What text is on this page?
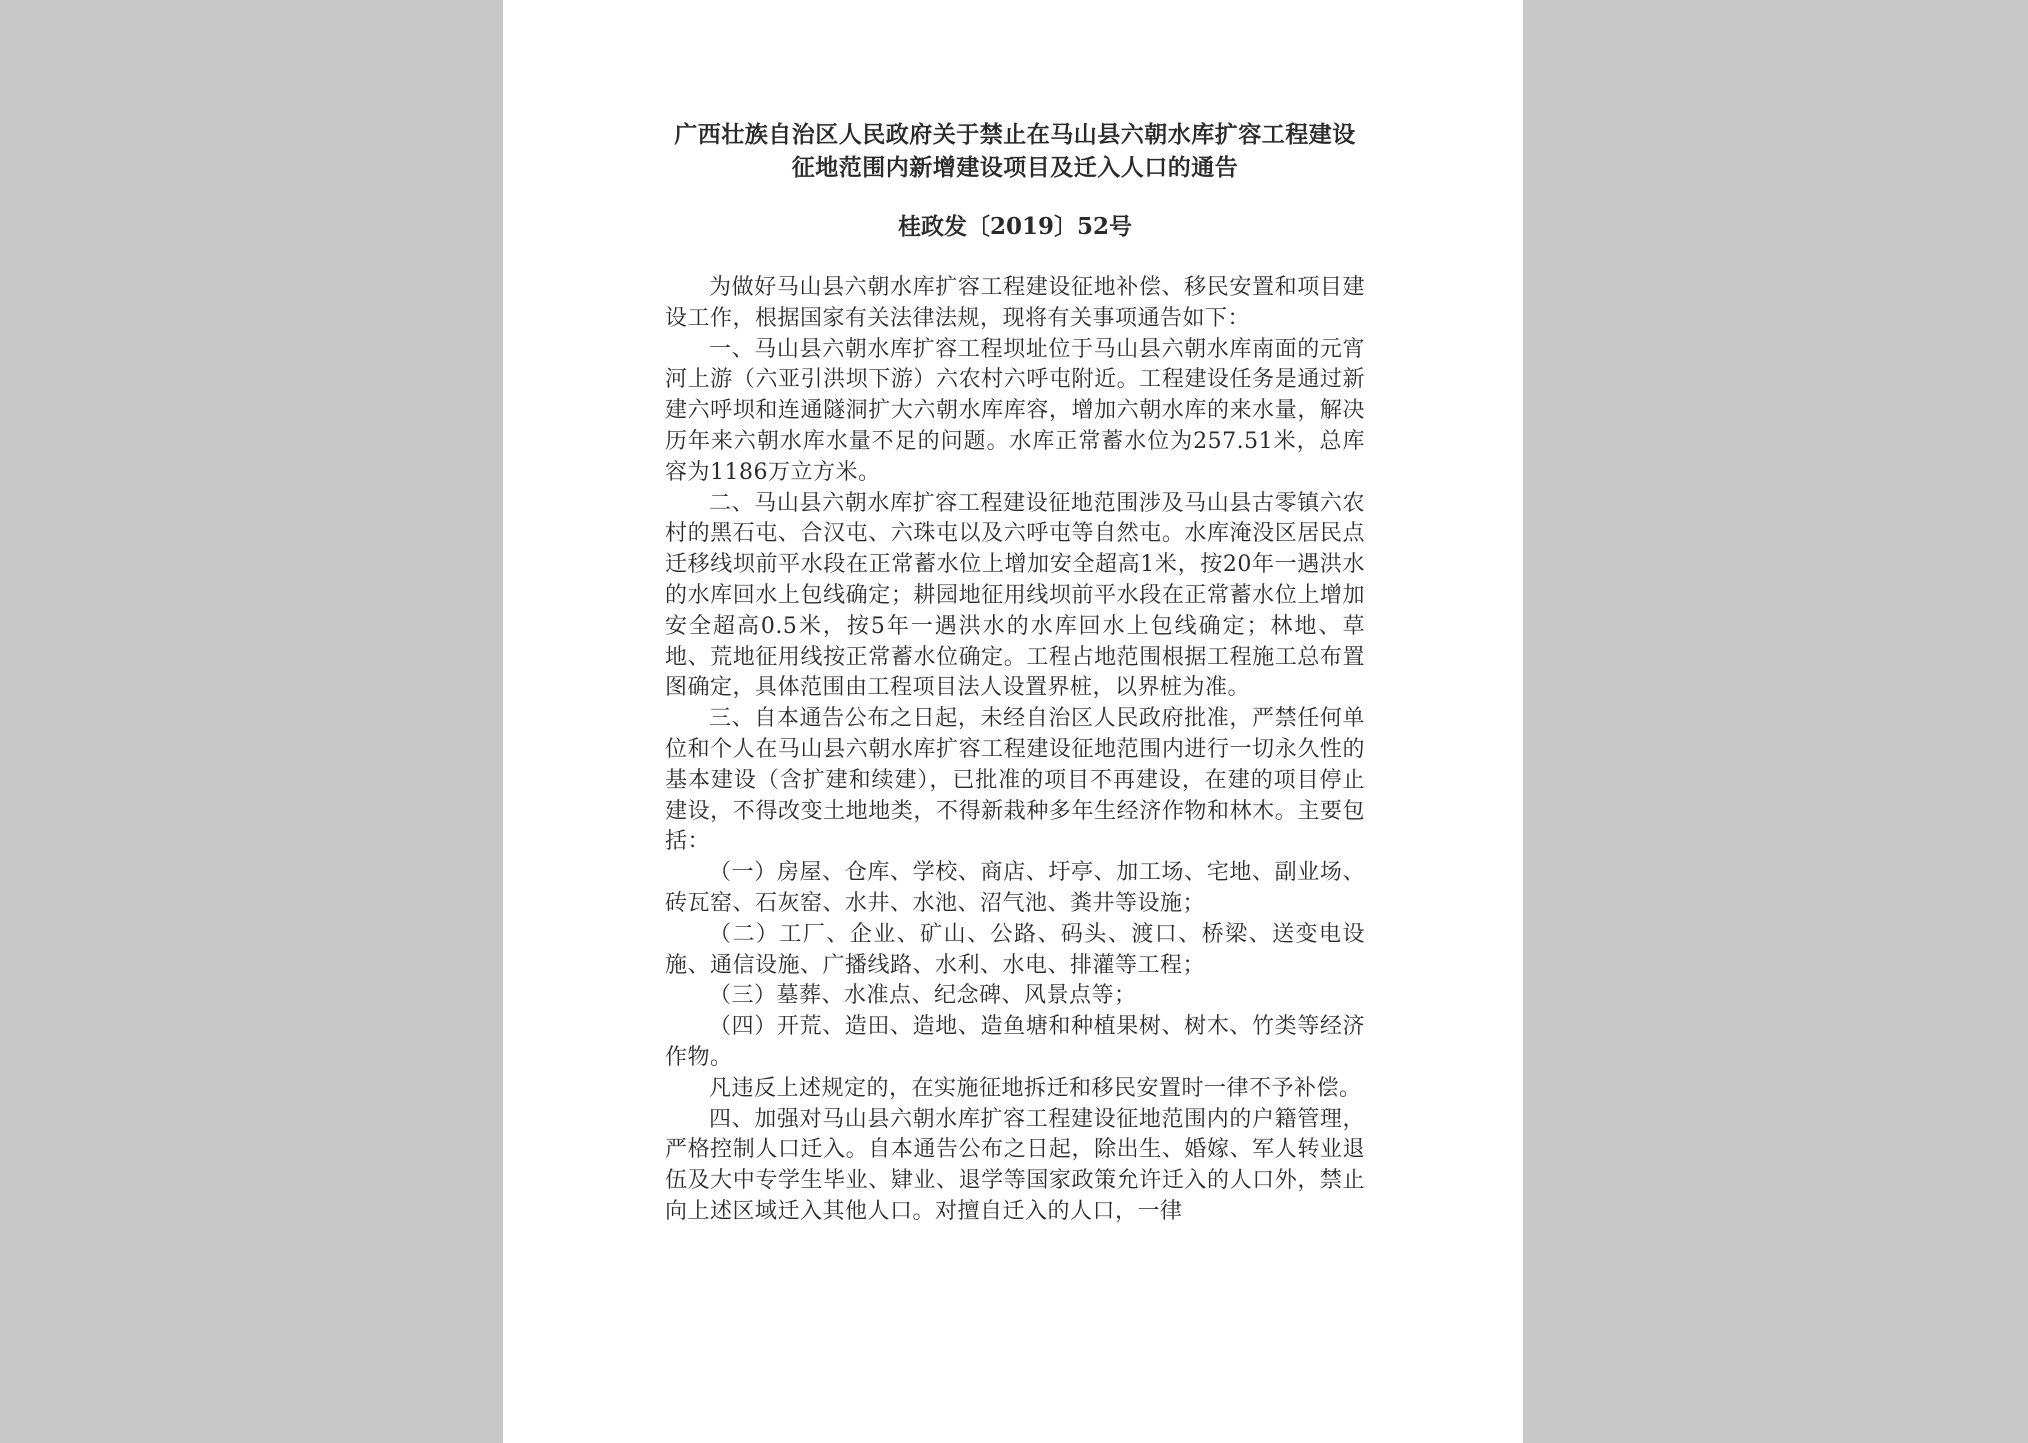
广西壮族自治区人民政府关于禁止在马山县六朝水库扩容工程建设

征地范围内新增建设项目及迁入人口的通告

桂政发〔2019〕52号

为做好马山县六朝水库扩容工程建设征地补偿、移民安置和项目建设工作，根据国家有关法律法规，现将有关事项通告如下：

一、马山县六朝水库扩容工程坝址位于马山县六朝水库南面的元宵河上游（六亚引洪坝下游）六农村六呼屯附近。工程建设任务是通过新建六呼坝和连通隧洞扩大六朝水库库容，增加六朝水库的来水量，解决历年来六朝水库水量不足的问题。水库正常蓄水位为257.51米，总库容为1186万立方米。

二、马山县六朝水库扩容工程建设征地范围涉及马山县古零镇六农村的黑石屯、合汉屯、六珠屯以及六呼屯等自然屯。水库淹没区居民点迁移线坝前平水段在正常蓄水位上增加安全超高1米，按20年一遇洪水的水库回水上包线确定；耕园地征用线坝前平水段在正常蓄水位上增加安全超高0.5米，按5年一遇洪水的水库回水上包线确定；林地、草地、荒地征用线按正常蓄水位确定。工程占地范围根据工程施工总布置图确定，具体范围由工程项目法人设置界桩，以界桩为准。

三、自本通告公布之日起，未经自治区人民政府批准，严禁任何单位和个人在马山县六朝水库扩容工程建设征地范围内进行一切永久性的基本建设（含扩建和续建），已批准的项目不再建设，在建的项目停止建设，不得改变土地地类，不得新栽种多年生经济作物和林木。主要包括：

（一）房屋、仓库、学校、商店、圩亭、加工场、宅地、副业场、砖瓦窑、石灰窑、水井、水池、沼气池、粪井等设施；

（二）工厂、企业、矿山、公路、码头、渡口、桥梁、送变电设施、通信设施、广播线路、水利、水电、排灌等工程；

（三）墓葬、水准点、纪念碑、风景点等；

（四）开荒、造田、造地、造鱼塘和种植果树、树木、竹类等经济作物。

凡违反上述规定的，在实施征地拆迁和移民安置时一律不予补偿。

四、加强对马山县六朝水库扩容工程建设征地范围内的户籍管理，严格控制人口迁入。自本通告公布之日起，除出生、婚嫁、军人转业退伍及大中专学生毕业、肄业、退学等国家政策允许迁入的人口外，禁止向上述区域迁入其他人口。对擅自迁入的人口，一律
